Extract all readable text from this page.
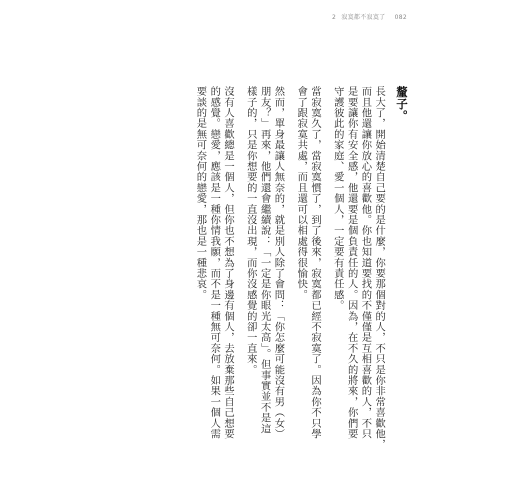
2 寂寞都不寂寞了 082
釐子。
長大了，開始清楚自己要的是什麼，你要那個對的人，不只是你非常喜歡他，
而且他還讓你放心的喜歡他。你也知道要找的不僅僅是互相喜歡的人，不只
是要讓你有安全感，他還要是個負責任的人。因為，在不久的將來，你們要
守護彼此的家庭、愛一個人，一定要有責任感。
當寂寞久了，當寂寞慣了，到了後來，寂寞都已經不寂寞了。因為你不只學
會了跟寂寞共處，而且還可以相處得很愉快。
然而，單身最讓人無奈的，就是別人除了會問：「你怎麼可能沒有男（女）
朋友？」再來，他們還會繼續說：「一定是你眼光太高」。但事實並不是這
樣子的，只是你想要的一直沒出現，而你沒感覺的卻一直來。
沒有人喜歡總是一個人，但你也不想為了身邊有個人，去放棄那些自己想要
的感覺。戀愛，應該是一種你情我願，而不是一種無可奈何。如果一個人需
要談的是無可奈何的戀愛，那也是一種悲哀。
